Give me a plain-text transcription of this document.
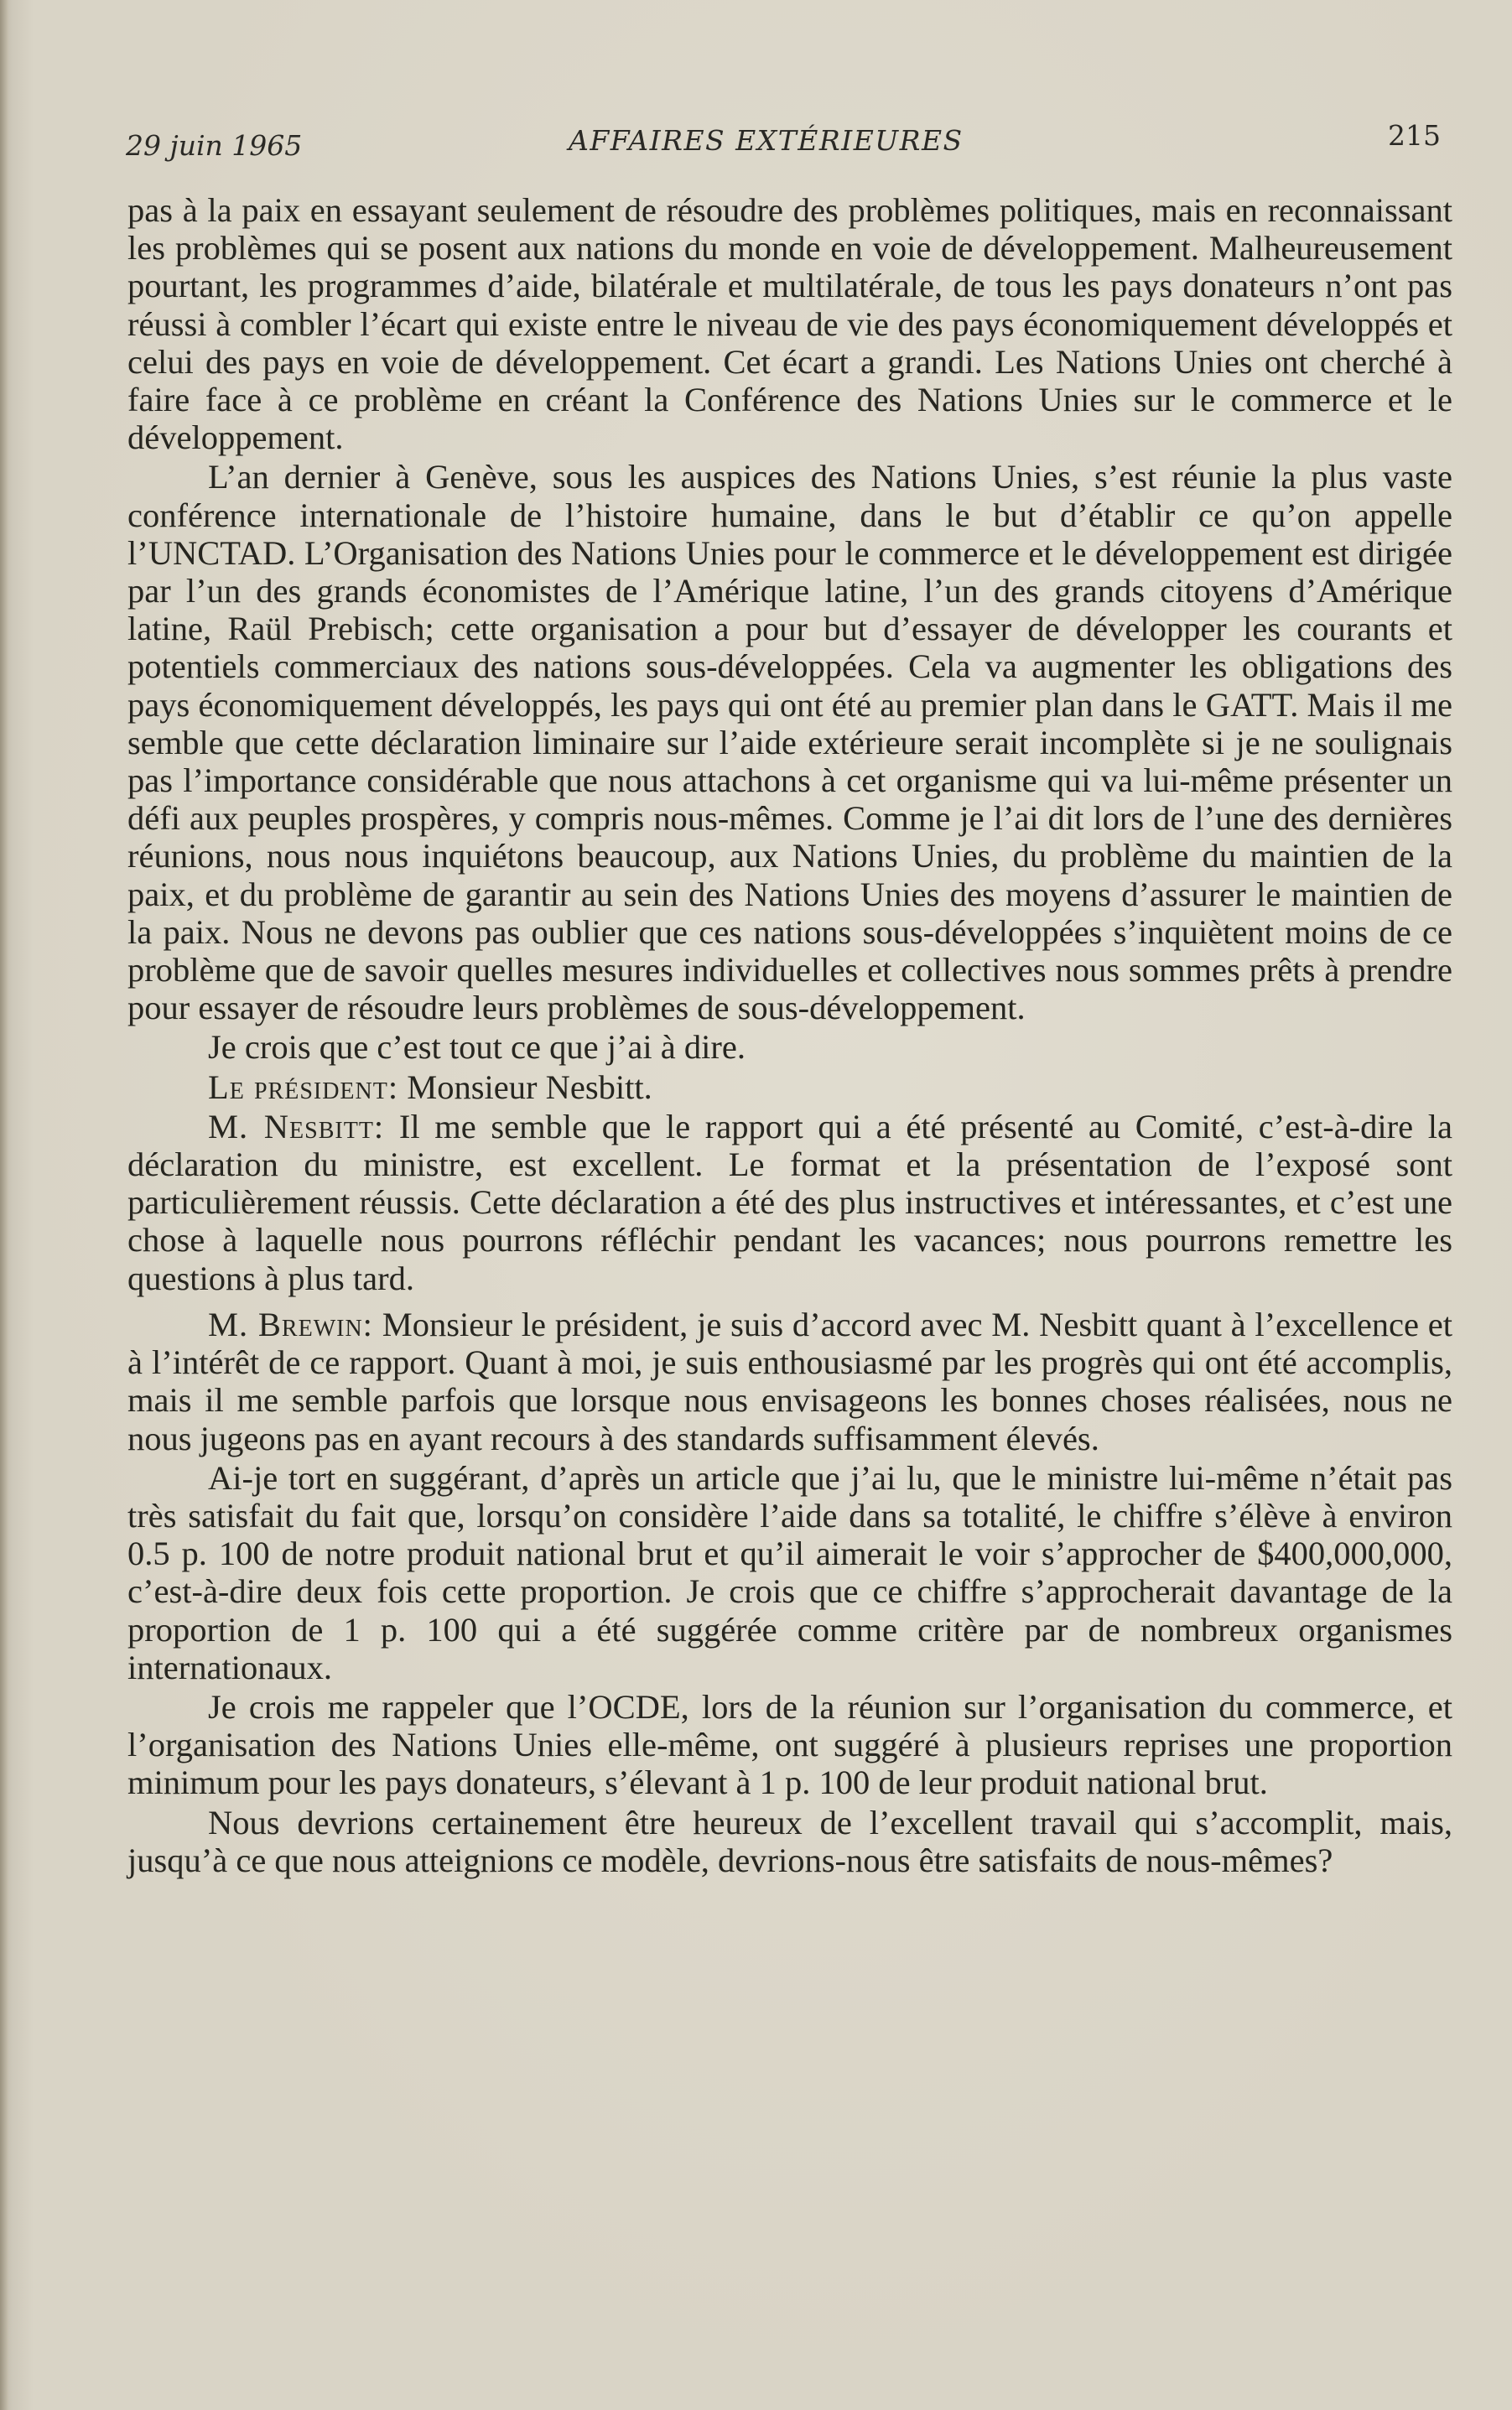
29 juin 1965	AFFAIRES EXTÉRIEURES	215

pas à la paix en essayant seulement de résoudre des problèmes politiques, mais en reconnaissant les problèmes qui se posent aux nations du monde en voie de développement. Malheureusement pourtant, les programmes d’aide, bilatérale et multilatérale, de tous les pays donateurs n’ont pas réussi à combler l’écart qui existe entre le niveau de vie des pays économiquement développés et celui des pays en voie de développement. Cet écart a grandi. Les Nations Unies ont cherché à faire face à ce problème en créant la Conférence des Nations Unies sur le commerce et le développement.

L’an dernier à Genève, sous les auspices des Nations Unies, s’est réunie la plus vaste conférence internationale de l’histoire humaine, dans le but d’établir ce qu’on appelle l’UNCTAD. L’Organisation des Nations Unies pour le commerce et le développement est dirigée par l’un des grands économistes de l’Amérique latine, l’un des grands citoyens d’Amérique latine, Raül Prebisch; cette organisation a pour but d’essayer de développer les courants et potentiels commerciaux des nations sous-développées. Cela va augmenter les obligations des pays économiquement développés, les pays qui ont été au premier plan dans le GATT. Mais il me semble que cette déclaration liminaire sur l’aide extérieure serait incomplète si je ne soulignais pas l’importance considérable que nous attachons à cet organisme qui va lui-même présenter un défi aux peuples prospères, y compris nous-mêmes. Comme je l’ai dit lors de l’une des dernières réunions, nous nous inquiétons beaucoup, aux Nations Unies, du problème du maintien de la paix, et du problème de garantir au sein des Nations Unies des moyens d’assurer le maintien de la paix. Nous ne devons pas oublier que ces nations sous-développées s’inquiètent moins de ce problème que de savoir quelles mesures individuelles et collectives nous sommes prêts à prendre pour essayer de résoudre leurs problèmes de sous-développement.

Je crois que c’est tout ce que j’ai à dire.

Le président: Monsieur Nesbitt.

M. Nesbitt: Il me semble que le rapport qui a été présenté au Comité, c’est-à-dire la déclaration du ministre, est excellent. Le format et la présentation de l’exposé sont particulièrement réussis. Cette déclaration a été des plus instructives et intéressantes, et c’est une chose à laquelle nous pourrons réfléchir pendant les vacances; nous pourrons remettre les questions à plus tard.

M. Brewin: Monsieur le président, je suis d’accord avec M. Nesbitt quant à l’excellence et à l’intérêt de ce rapport. Quant à moi, je suis enthousiasmé par les progrès qui ont été accomplis, mais il me semble parfois que lorsque nous envisageons les bonnes choses réalisées, nous ne nous jugeons pas en ayant recours à des standards suffisamment élevés.

Ai-je tort en suggérant, d’après un article que j’ai lu, que le ministre lui-même n’était pas très satisfait du fait que, lorsqu’on considère l’aide dans sa totalité, le chiffre s’élève à environ 0.5 p. 100 de notre produit national brut et qu’il aimerait le voir s’approcher de $400,000,000, c’est-à-dire deux fois cette proportion. Je crois que ce chiffre s’approcherait davantage de la proportion de 1 p. 100 qui a été suggérée comme critère par de nombreux organismes internationaux.

Je crois me rappeler que l’OCDE, lors de la réunion sur l’organisation du commerce, et l’organisation des Nations Unies elle-même, ont suggéré à plusieurs reprises une proportion minimum pour les pays donateurs, s’élevant à 1 p. 100 de leur produit national brut.

Nous devrions certainement être heureux de l’excellent travail qui s’accomplit, mais, jusqu’à ce que nous atteignions ce modèle, devrions-nous être satisfaits de nous-mêmes?
